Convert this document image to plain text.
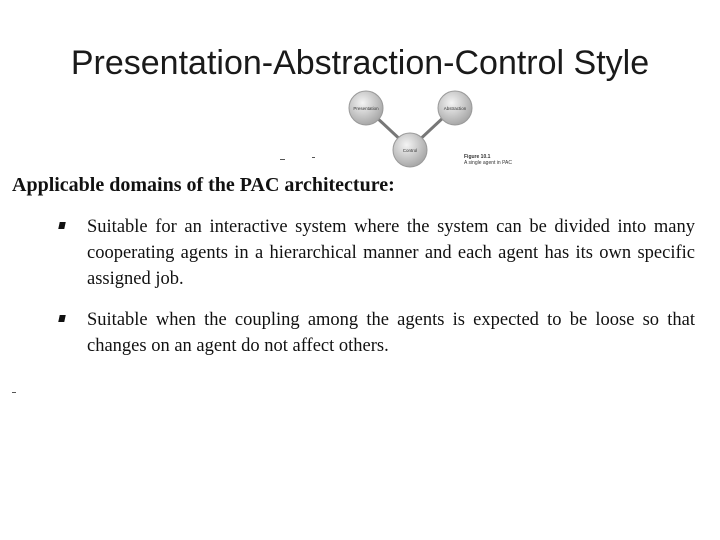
Presentation-Abstraction-Control Style
Presentation	Abstraction
Control
Figure 10.1
A single agent in PAC
Applicable domains of the PAC architecture:
Suitable for an interactive system where the system can be divided into many cooperating agents in a hierarchical manner and each agent has its own specific assigned job.
Suitable when the coupling among the agents is expected to be loose so that changes on an agent do not affect others.
